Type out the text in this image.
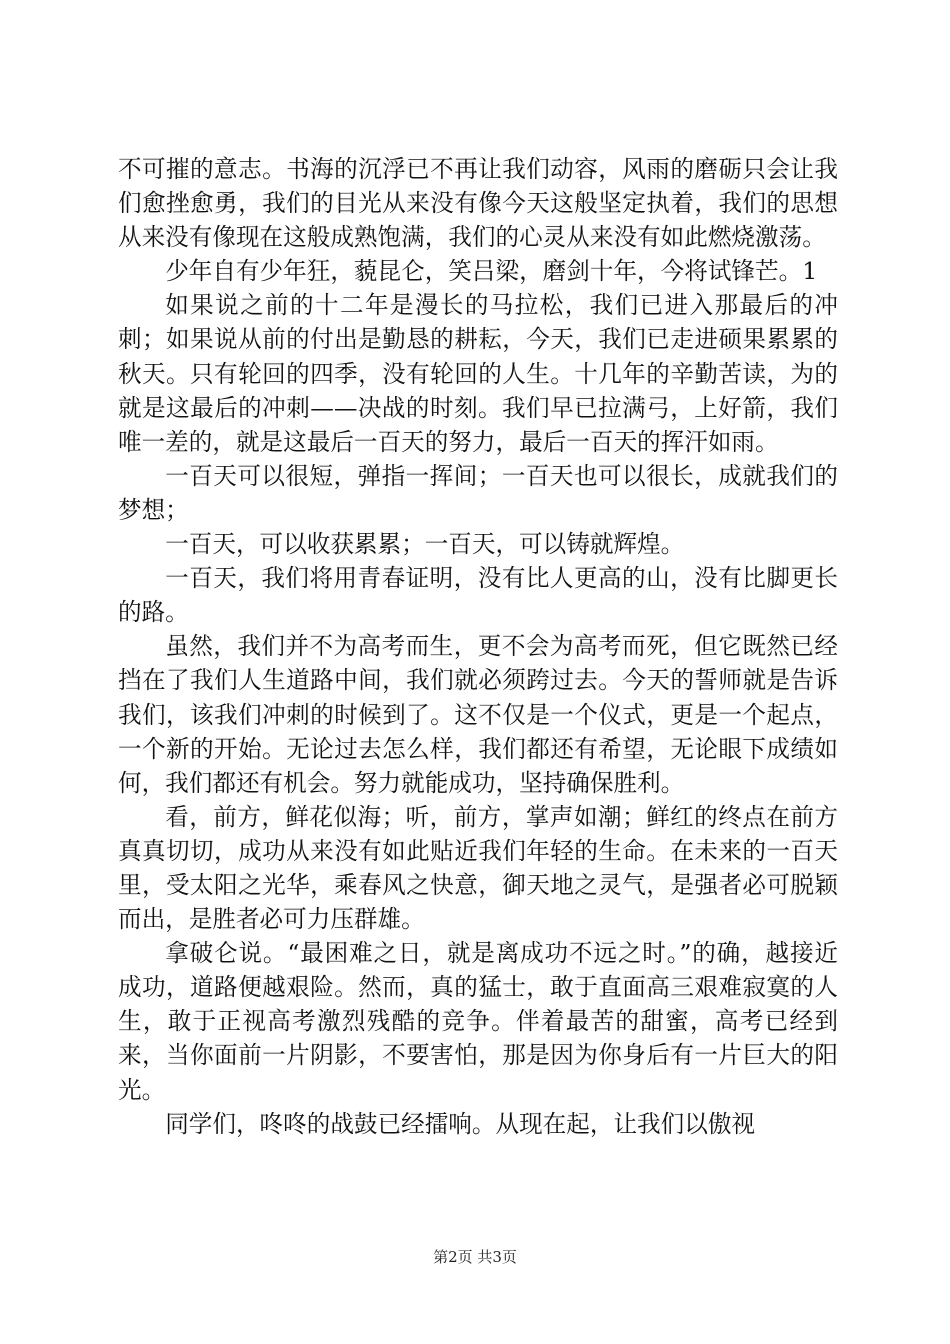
不可摧的意志。书海的沉浮已不再让我们动容，风雨的磨砺只会让我们愈挫愈勇，我们的目光从来没有像今天这般坚定执着，我们的思想从来没有像现在这般成熟饱满，我们的心灵从来没有如此燃烧激荡。

少年自有少年狂，藐昆仑，笑吕梁，磨剑十年，今将试锋芒。1

如果说之前的十二年是漫长的马拉松，我们已进入那最后的冲刺；如果说从前的付出是勤恳的耕耘，今天，我们已走进硕果累累的秋天。只有轮回的四季，没有轮回的人生。十几年的辛勤苦读，为的就是这最后的冲刺——决战的时刻。我们早已拉满弓，上好箭，我们唯一差的，就是这最后一百天的努力，最后一百天的挥汗如雨。

一百天可以很短，弹指一挥间；一百天也可以很长，成就我们的梦想；

一百天，可以收获累累；一百天，可以铸就辉煌。

一百天，我们将用青春证明，没有比人更高的山，没有比脚更长的路。

虽然，我们并不为高考而生，更不会为高考而死，但它既然已经挡在了我们人生道路中间，我们就必须跨过去。今天的誓师就是告诉我们，该我们冲刺的时候到了。这不仅是一个仪式，更是一个起点，一个新的开始。无论过去怎么样，我们都还有希望，无论眼下成绩如何，我们都还有机会。努力就能成功，坚持确保胜利。

看，前方，鲜花似海；听，前方，掌声如潮；鲜红的终点在前方真真切切，成功从来没有如此贴近我们年轻的生命。在未来的一百天里，受太阳之光华，乘春风之快意，御天地之灵气，是强者必可脱颖而出，是胜者必可力压群雄。

拿破仑说。“最困难之日，就是离成功不远之时。”的确，越接近成功，道路便越艰险。然而，真的猛士，敢于直面高三艰难寂寞的人生，敢于正视高考激烈残酷的竞争。伴着最苦的甜蜜，高考已经到来，当你面前一片阴影，不要害怕，那是因为你身后有一片巨大的阳光。

同学们，咚咚的战鼓已经擂响。从现在起，让我们以傲视

第2页 共3页
